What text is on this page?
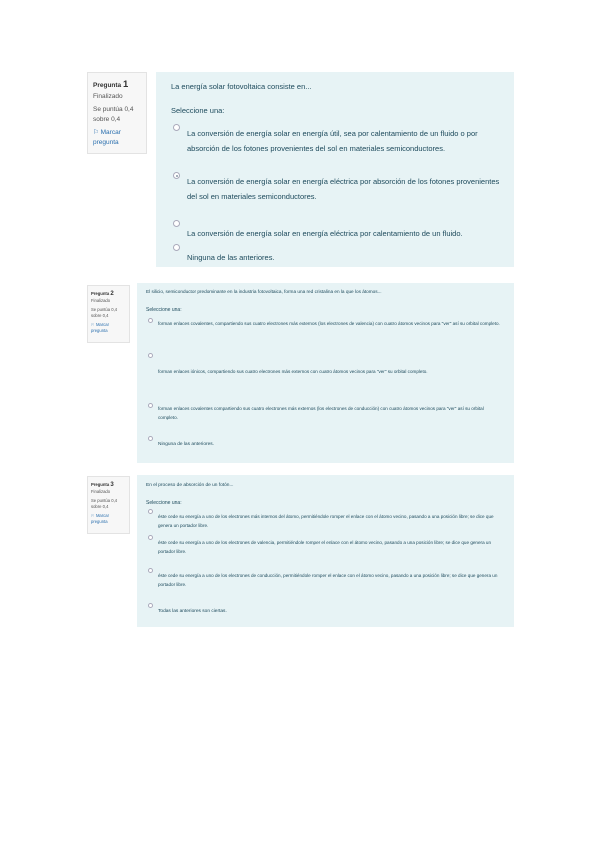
Pregunta 1
Finalizado
Se puntúa 0,4 sobre 0,4
⚐ Marcar pregunta
La energía solar fotovoltaica consiste en...
Seleccione una:
La conversión de energía solar en energía útil, sea por calentamiento de un fluido o por absorción de los fotones provenientes del sol en materiales semiconductores.
La conversión de energía solar en energía eléctrica por absorción de los fotones provenientes del sol en materiales semiconductores.
La conversión de energía solar en energía eléctrica por calentamiento de un fluido.
Ninguna de las anteriores.
Pregunta 2
Finalizado
Se puntúa 0,4 sobre 0,4
⚐ Marcar pregunta
El silicio, semiconductor predominante en la industria fotovoltaica, forma una red cristalina en la que los átomos...
Seleccione una:
forman enlaces covalentes, compartiendo sus cuatro electrones más externos (los electrones de valencia) con cuatro átomos vecinos para "ver" así su orbital completo.
forman enlaces iónicos, compartiendo sus cuatro electrones más externos con cuatro átomos vecinos para "ver" su orbital completo.
forman enlaces covalentes compartiendo sus cuatro electrones más externos (los electrones de conducción) con cuatro átomos vecinos para "ver" así su orbital completo.
Ninguna de las anteriores.
Pregunta 3
Finalizado
Se puntúa 0,4 sobre 0,4
⚐ Marcar pregunta
En el proceso de absorción de un fotón...
Seleccione una:
éste cede su energía a uno de los electrones más internos del átomo, permitiéndole romper el enlace con el átomo vecino, pasando a una posición libre; se dice que genera un portador libre.
éste cede su energía a uno de los electrones de valencia, permitiéndole romper el enlace con el átomo vecino, pasando a una posición libre; se dice que genera un portador libre.
éste cede su energía a uno de los electrones de conducción, permitiéndole romper el enlace con el átomo vecino, pasando a una posición libre; se dice que genera un portador libre.
Todas las anteriores son ciertas.
